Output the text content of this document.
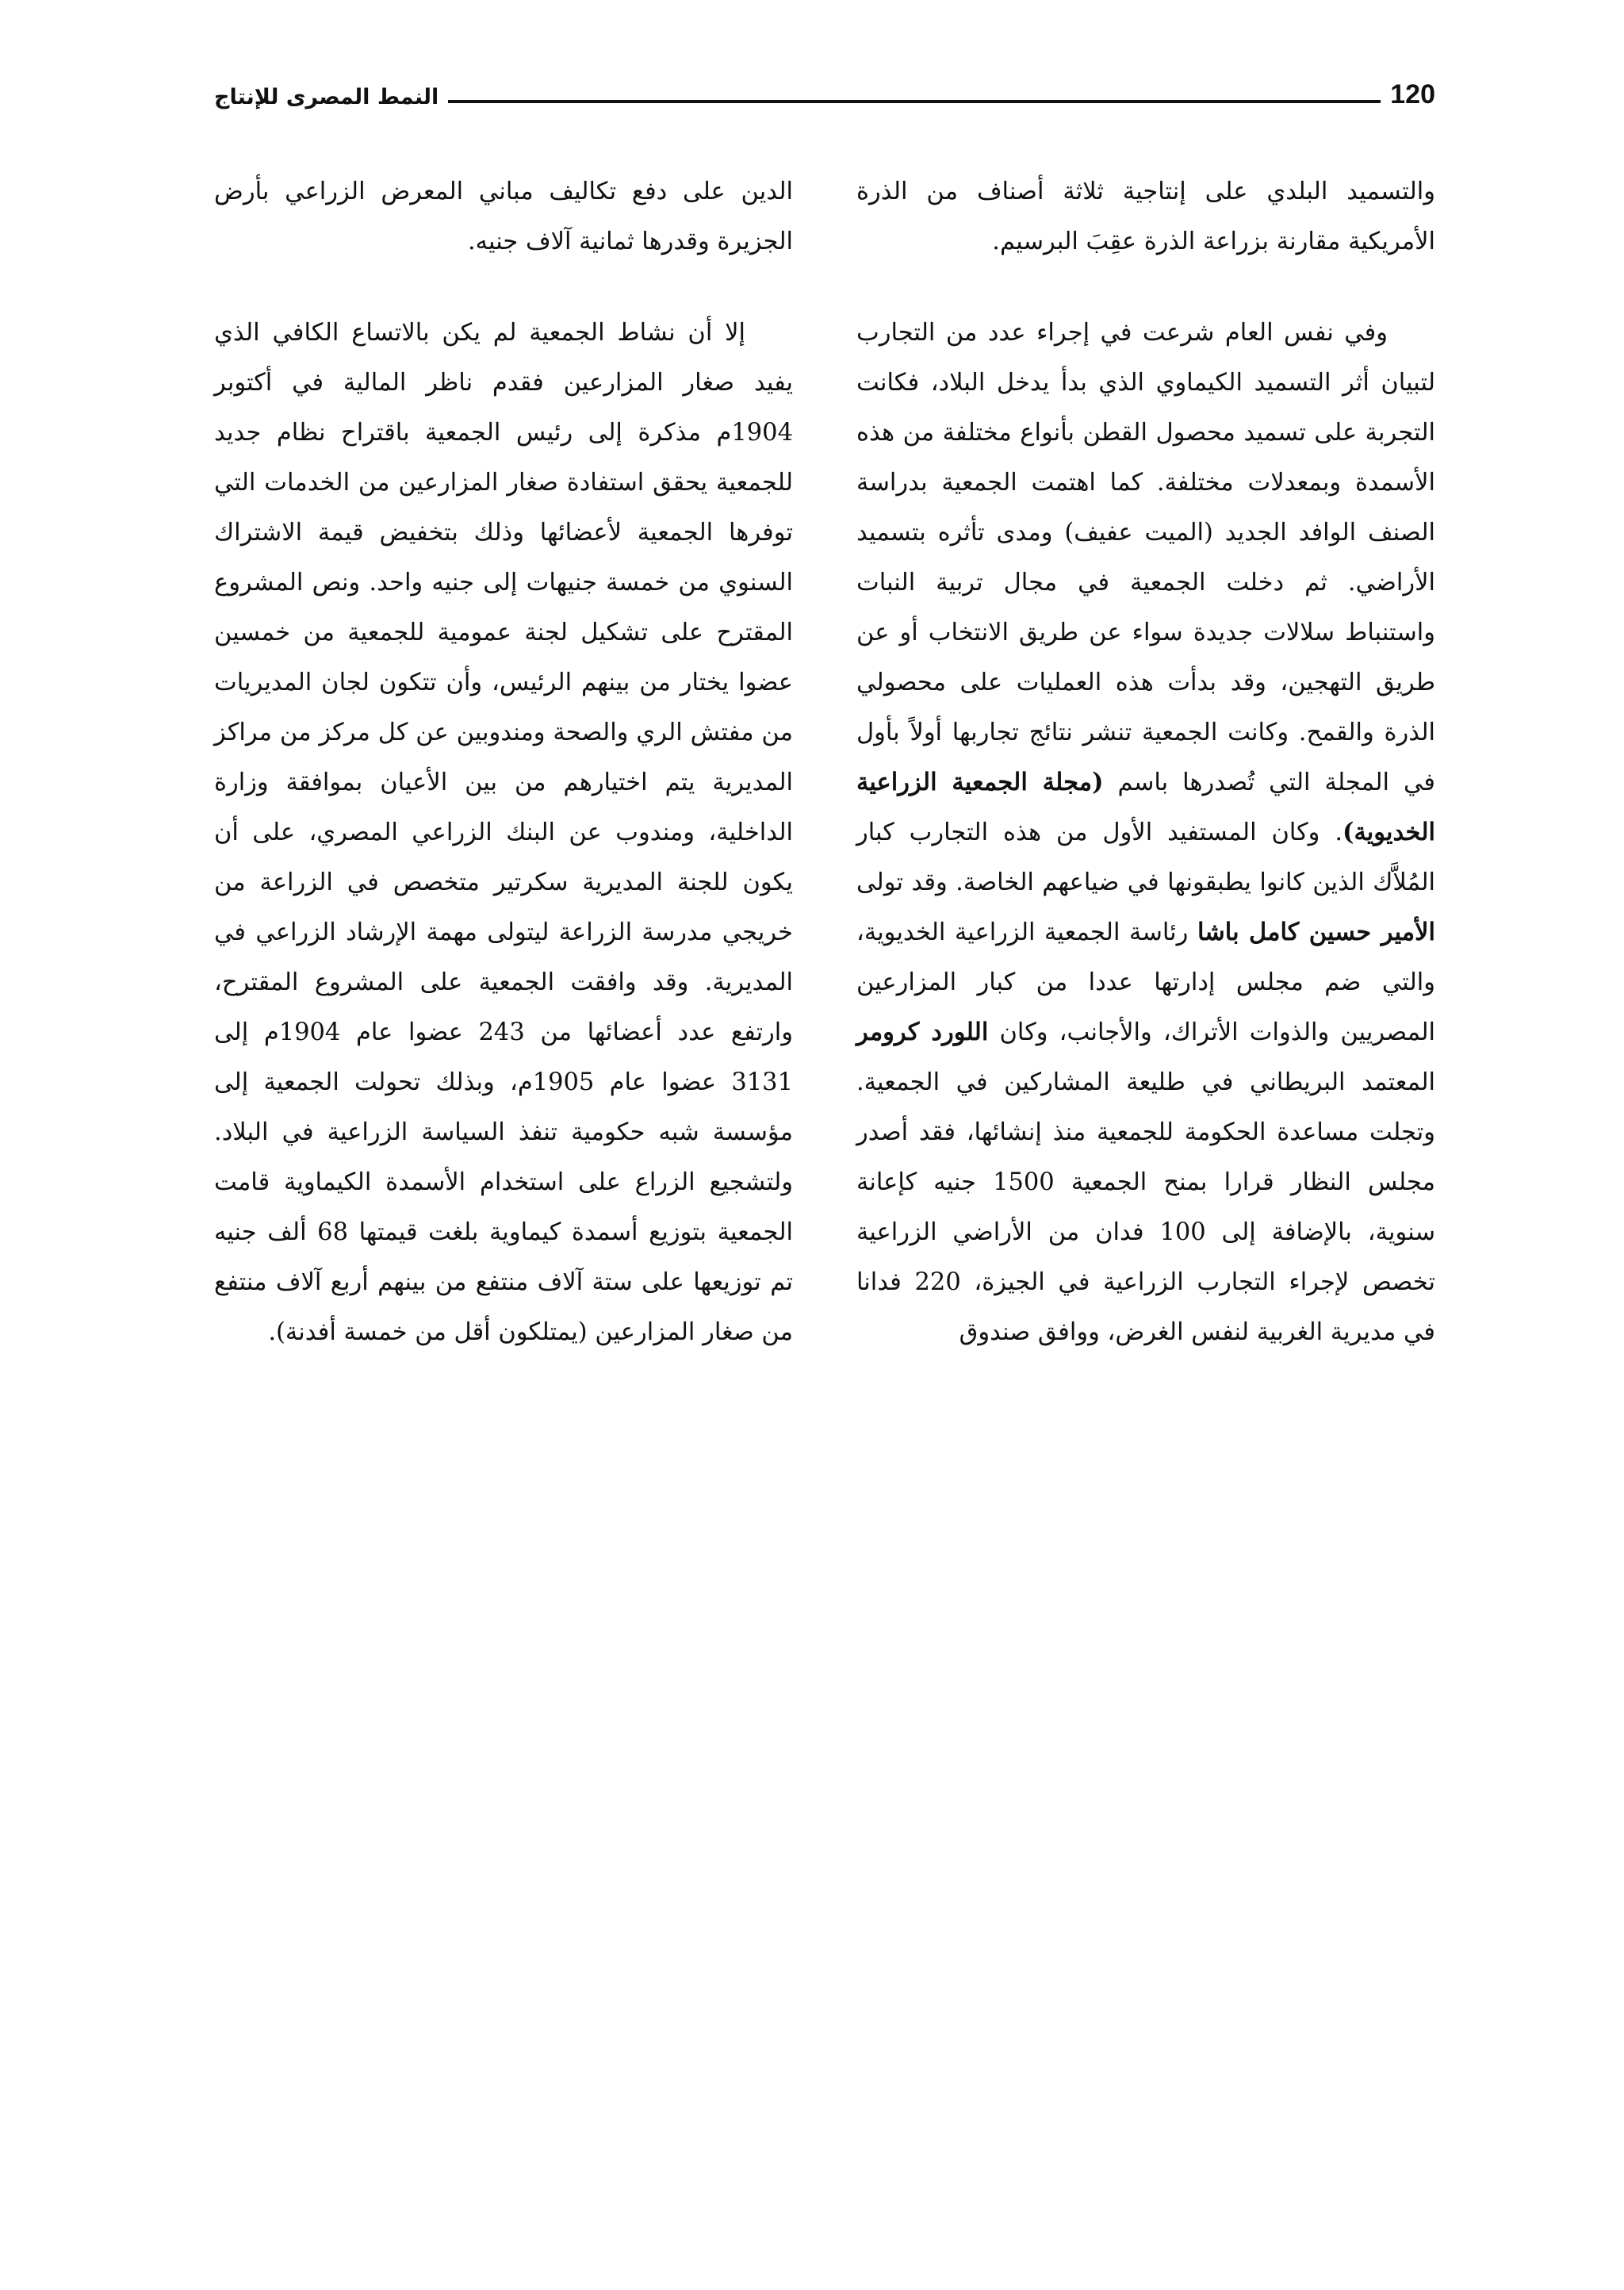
120
النمط المصرى للإنتاج

والتسميد البلدي على إنتاجية ثلاثة أصناف من الذرة الأمريكية مقارنة بزراعة الذرة عقِبَ البرسيم.

وفي نفس العام شرعت في إجراء عدد من التجارب لتبيان أثر التسميد الكيماوي الذي بدأ يدخل البلاد، فكانت التجربة على تسميد محصول القطن بأنواع مختلفة من هذه الأسمدة وبمعدلات مختلفة. كما اهتمت الجمعية بدراسة الصنف الوافد الجديد (الميت عفيف) ومدى تأثره بتسميد الأراضي. ثم دخلت الجمعية في مجال تربية النبات واستنباط سلالات جديدة سواء عن طريق الانتخاب أو عن طريق التهجين، وقد بدأت هذه العمليات على محصولي الذرة والقمح. وكانت الجمعية تنشر نتائج تجاربها أولاً بأول في المجلة التي تُصدرها باسم (مجلة الجمعية الزراعية الخديوية). وكان المستفيد الأول من هذه التجارب كبار المُلاَّك الذين كانوا يطبقونها في ضياعهم الخاصة. وقد تولى الأمير حسين كامل باشا رئاسة الجمعية الزراعية الخديوية، والتي ضم مجلس إدارتها عددا من كبار المزارعين المصريين والذوات الأتراك، والأجانب، وكان اللورد كرومر المعتمد البريطاني في طليعة المشاركين في الجمعية. وتجلت مساعدة الحكومة للجمعية منذ إنشائها، فقد أصدر مجلس النظار قرارا بمنح الجمعية 1500 جنيه كإعانة سنوية، بالإضافة إلى 100 فدان من الأراضي الزراعية تخصص لإجراء التجارب الزراعية في الجيزة، 220 فدانا في مديرية الغربية لنفس الغرض، ووافق صندوق

الدين على دفع تكاليف مباني المعرض الزراعي بأرض الجزيرة وقدرها ثمانية آلاف جنيه.

إلا أن نشاط الجمعية لم يكن بالاتساع الكافي الذي يفيد صغار المزارعين فقدم ناظر المالية في أكتوبر 1904م مذكرة إلى رئيس الجمعية باقتراح نظام جديد للجمعية يحقق استفادة صغار المزارعين من الخدمات التي توفرها الجمعية لأعضائها وذلك بتخفيض قيمة الاشتراك السنوي من خمسة جنيهات إلى جنيه واحد. ونص المشروع المقترح على تشكيل لجنة عمومية للجمعية من خمسين عضوا يختار من بينهم الرئيس، وأن تتكون لجان المديريات من مفتش الري والصحة ومندوبين عن كل مركز من مراكز المديرية يتم اختيارهم من بين الأعيان بموافقة وزارة الداخلية، ومندوب عن البنك الزراعي المصري، على أن يكون للجنة المديرية سكرتير متخصص في الزراعة من خريجي مدرسة الزراعة ليتولى مهمة الإرشاد الزراعي في المديرية. وقد وافقت الجمعية على المشروع المقترح، وارتفع عدد أعضائها من 243 عضوا عام 1904م إلى 3131 عضوا عام 1905م، وبذلك تحولت الجمعية إلى مؤسسة شبه حكومية تنفذ السياسة الزراعية في البلاد. ولتشجيع الزراع على استخدام الأسمدة الكيماوية قامت الجمعية بتوزيع أسمدة كيماوية بلغت قيمتها 68 ألف جنيه تم توزيعها على ستة آلاف منتفع من بينهم أربع آلاف منتفع من صغار المزارعين (يمتلكون أقل من خمسة أفدنة).
